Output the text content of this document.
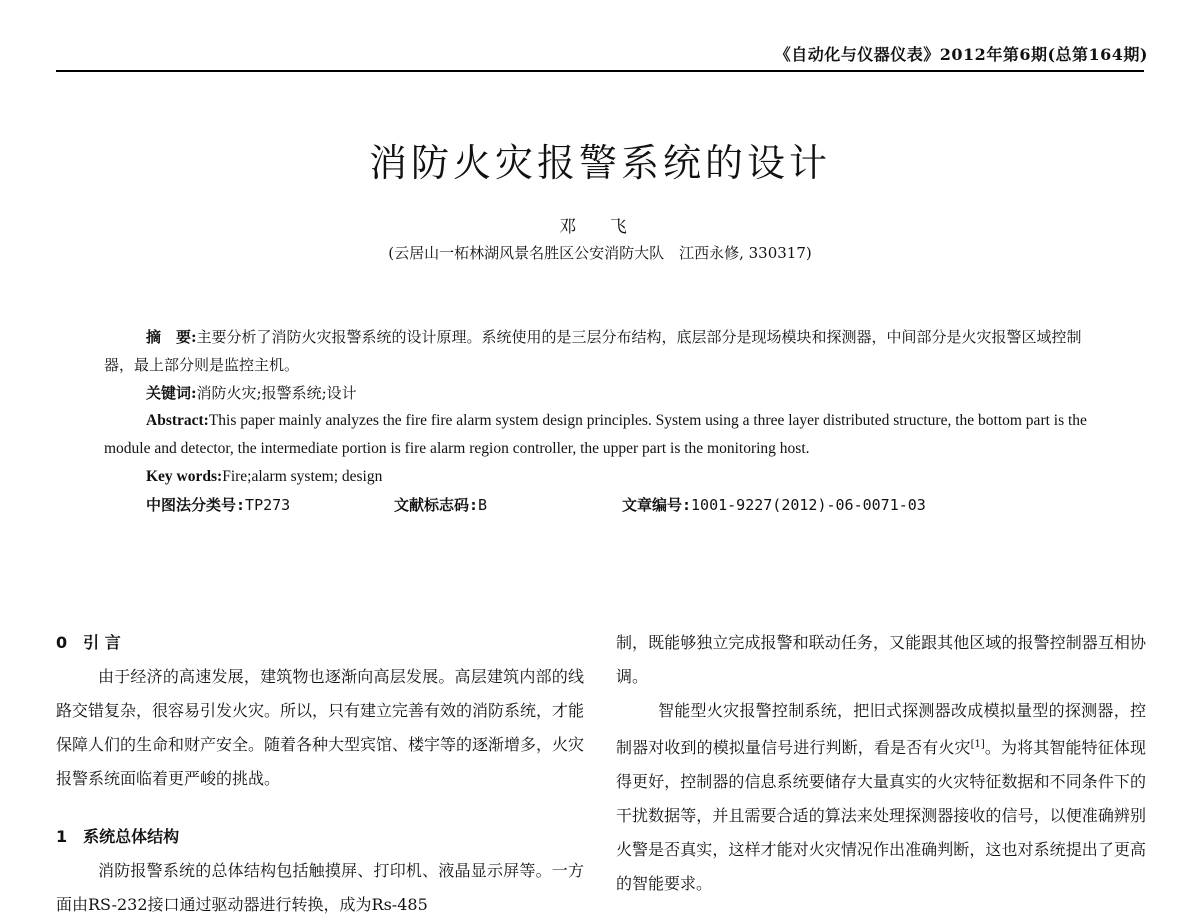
《自动化与仪器仪表》2012年第6期(总第164期)
消防火灾报警系统的设计
邓 飞
(云居山一柘林湖风景名胜区公安消防大队　江西永修, 330317)

摘　要:主要分析了消防火灾报警系统的设计原理。系统使用的是三层分布结构，底层部分是现场模块和探测器，中间部分是火灾报警区域控制器，最上部分则是监控主机。

关键词:消防火灾;报警系统;设计

Abstract:This paper mainly analyzes the fire fire alarm system design principles. System using a three layer distributed structure, the bottom part is the module and detector, the intermediate portion is fire alarm region controller, the upper part is the monitoring host.

Key words:Fire;alarm system; design

中图法分类号:TP273	文献标志码:B	文章编号:1001-9227(2012)-06-0071-03
0　引 言

由于经济的高速发展，建筑物也逐渐向高层发展。高层建筑内部的线路交错复杂，很容易引发火灾。所以，只有建立完善有效的消防系统，才能保障人们的生命和财产安全。随着各种大型宾馆、楼宇等的逐渐增多，火灾报警系统面临着更严峻的挑战。

1　系统总体结构

消防报警系统的总体结构包括触摸屏、打印机、液晶显示屏等。一方面由RS-232接口通过驱动器进行转换，成为Rs-485

制，既能够独立完成报警和联动任务，又能跟其他区域的报警控制器互相协调。

智能型火灾报警控制系统，把旧式探测器改成模拟量型的探测器，控制器对收到的模拟量信号进行判断，看是否有火灾[1]。为将其智能特征体现得更好，控制器的信息系统要储存大量真实的火灾特征数据和不同条件下的干扰数据等，并且需要合适的算法来处理探测器接收的信号，以便准确辨别火警是否真实，这样才能对火灾情况作出准确判断，这也对系统提出了更高的智能要求。
